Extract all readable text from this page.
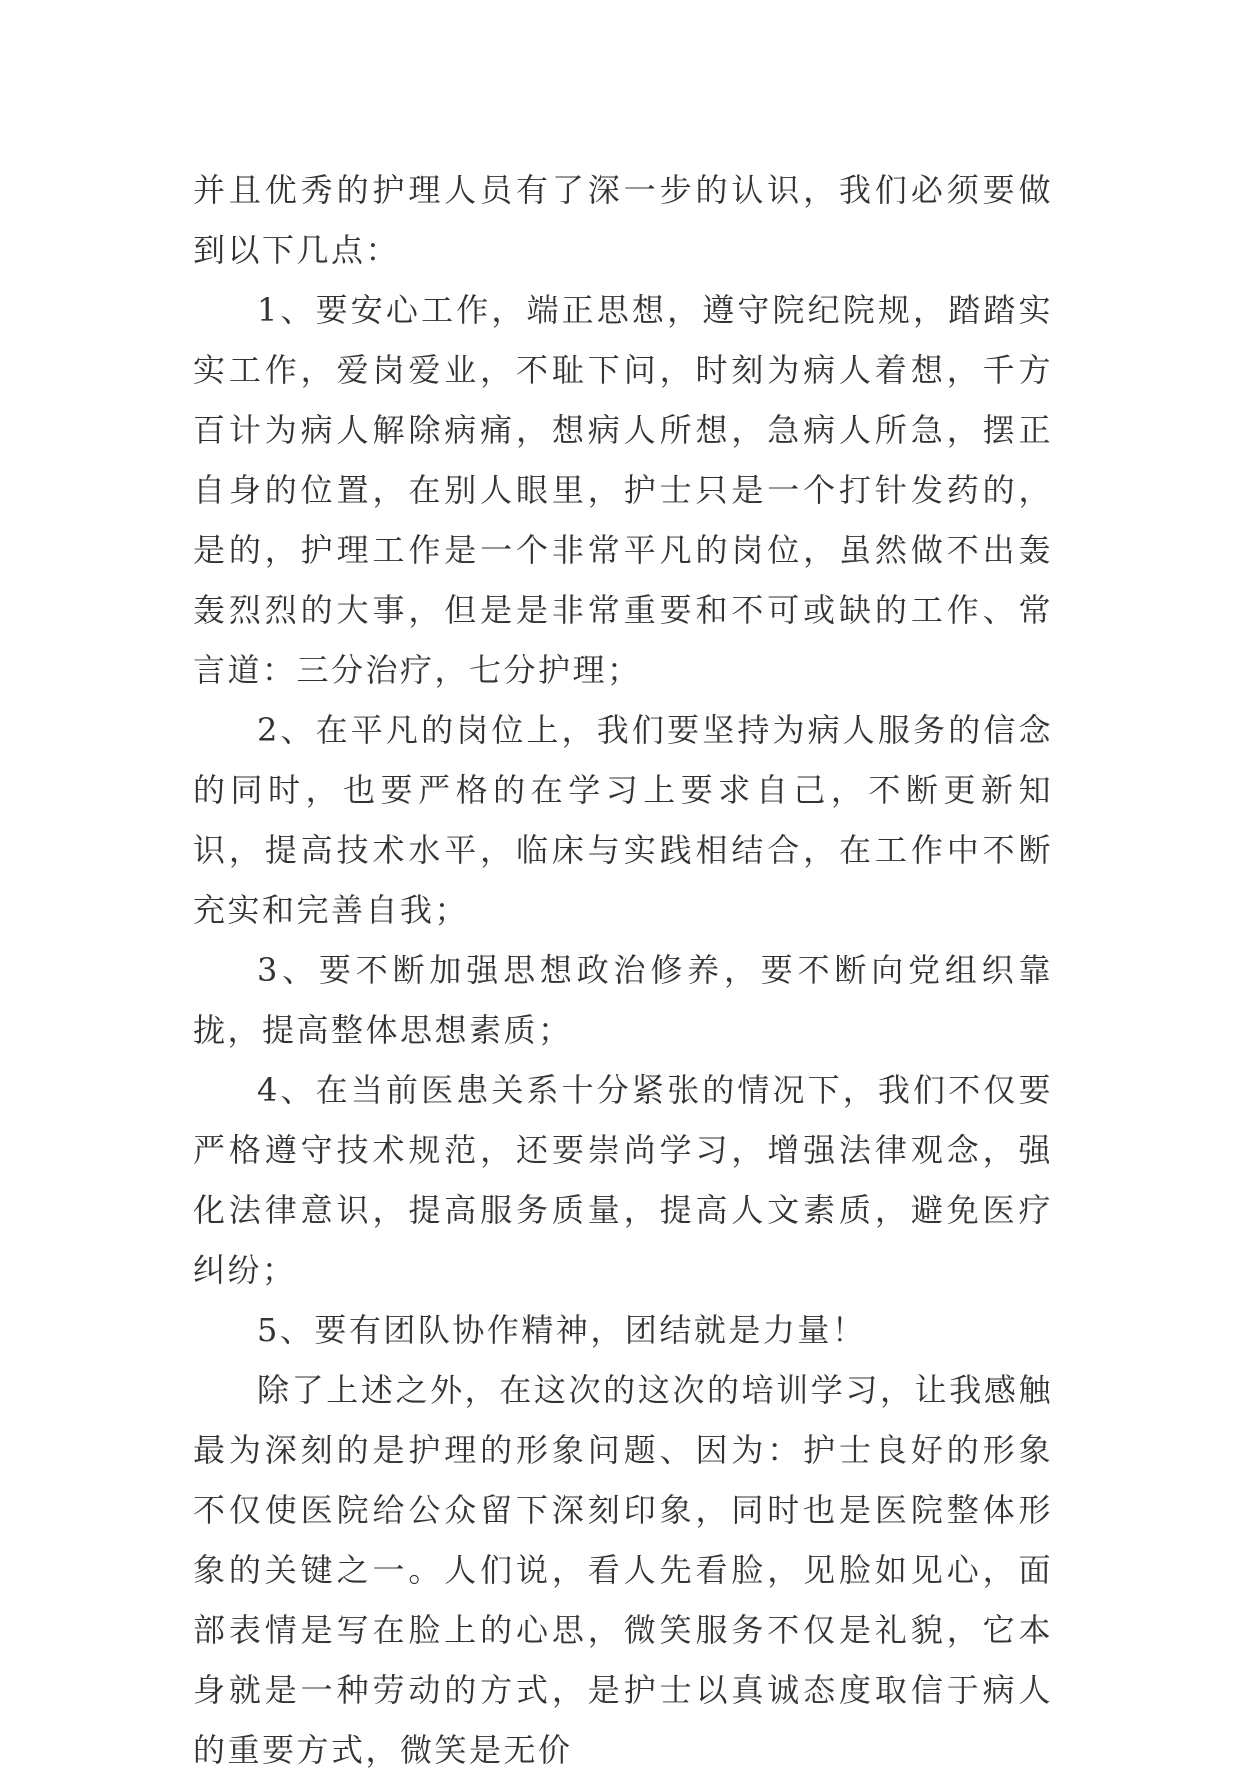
并且优秀的护理人员有了深一步的认识，我们必须要做到以下几点：

1、要安心工作，端正思想，遵守院纪院规，踏踏实实工作，爱岗爱业，不耻下问，时刻为病人着想，千方百计为病人解除病痛，想病人所想，急病人所急，摆正自身的位置，在别人眼里，护士只是一个打针发药的，是的，护理工作是一个非常平凡的岗位，虽然做不出轰轰烈烈的大事，但是是非常重要和不可或缺的工作、常言道：三分治疗，七分护理；

2、在平凡的岗位上，我们要坚持为病人服务的信念的同时，也要严格的在学习上要求自己，不断更新知识，提高技术水平，临床与实践相结合，在工作中不断充实和完善自我；

3、要不断加强思想政治修养，要不断向党组织靠拢，提高整体思想素质；

4、在当前医患关系十分紧张的情况下，我们不仅要严格遵守技术规范，还要崇尚学习，增强法律观念，强化法律意识，提高服务质量，提高人文素质，避免医疗纠纷；

5、要有团队协作精神，团结就是力量！

除了上述之外，在这次的这次的培训学习，让我感触最为深刻的是护理的形象问题、因为：护士良好的形象不仅使医院给公众留下深刻印象，同时也是医院整体形象的关键之一。人们说，看人先看脸，见脸如见心，面部表情是写在脸上的心思，微笑服务不仅是礼貌，它本身就是一种劳动的方式，是护士以真诚态度取信于病人的重要方式，微笑是无价
